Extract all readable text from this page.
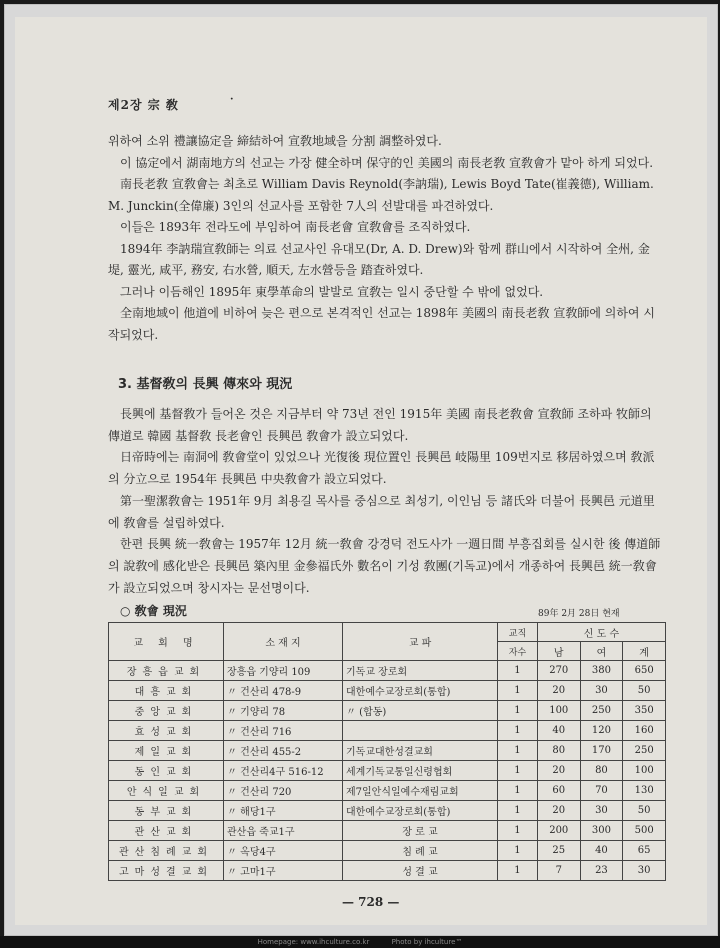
제2장 宗 敎	·

위하여 소위 禮讓協定을 締結하여 宣敎地域을 分割 調整하였다.

이 協定에서 湖南地方의 선교는 가장 健全하며 保守的인 美國의 南長老敎 宣敎會가 맡아 하게 되었다.

南長老敎 宣敎會는 최초로 William Davis Reynold(李訥瑞), Lewis Boyd Tate(崔義德), William. M. Junckin(全偉廉) 3인의 선교사를 포함한 7人의 선발대를 파견하였다.

이들은 1893年 전라도에 부임하여 南長老會 宣敎會를 조직하였다.

1894年 李訥瑞宣敎師는 의료 선교사인 유대모(Dr, A. D. Drew)와 함께 群山에서 시작하여 全州, 金堤, 靈光, 咸平, 務安, 右水營, 順天, 左水營등을 踏査하였다.

그러나 이듬해인 1895年 東學革命의 발발로 宣敎는 일시 중단할 수 밖에 없었다.

全南地域이 他道에 비하여 늦은 편으로 본격적인 선교는 1898年 美國의 南長老敎 宣敎師에 의하여 시작되었다.

3. 基督敎의 長興 傳來와 現況

長興에 基督敎가 들어온 것은 지금부터 약 73년 전인 1915年 美國 南長老敎會 宣敎師 조하파 牧師의 傳道로 韓國 基督敎 長老會인 長興邑 敎會가 設立되었다.

日帝時에는 南洞에 敎會堂이 있었으나 光復後 現位置인 長興邑 岐陽里 109번지로 移居하였으며 敎派의 分立으로 1954年 長興邑 中央敎會가 設立되었다.

第一聖潔敎會는 1951年 9月 최용길 목사를 중심으로 최성기, 이인님 등 諸氏와 더불어 長興邑 元道里에 敎會를 설립하였다.

한편 長興 統一敎會는 1957年 12月 統一敎會 강경덕 전도사가 一週日間 부흥집회를 실시한 後 傳道師의 說敎에 感化받은 長興邑 築內里 金參福氏外 數名이 기성 敎團(기독교)에서 개종하여 長興邑 統一敎會가 設立되었으며 창시자는 문선명이다.

○ 敎會 現況	89年 2月 28日 현재
교 회 명	소 재 지	교 파	교직	신 도 수		
			자수	남	여	계
장흥읍교회	장흥읍 기양리 109	기독교 장로회	1	270	380	650
대흥교회	〃 건산리 478-9	대한예수교장로회(통합)	1	20	30	50
중앙교회	〃 기양리 78	〃 (합동)	1	100	250	350
효성교회	〃 건산리 716		1	40	120	160
제일교회	〃 건산리 455-2	기독교대한성결교회	1	80	170	250
동인교회	〃 건산리4구 516-12	세계기독교통일신령협회	1	20	80	100
안식일교회	〃 건산리 720	제7일안식일예수재림교회	1	60	70	130
동부교회	〃 해당1구	대한예수교장로회(통합)	1	20	30	50
관산교회	관산읍 죽교1구	장 로 교	1	200	300	500
관산침례교회	〃 옥당4구	침 례 교	1	25	40	65
고마성결교회	〃 고마1구	성 결 교	1	7	23	30
— 728 —
Homepage: www.ihculture.co.kr	Photo by ihculture™
